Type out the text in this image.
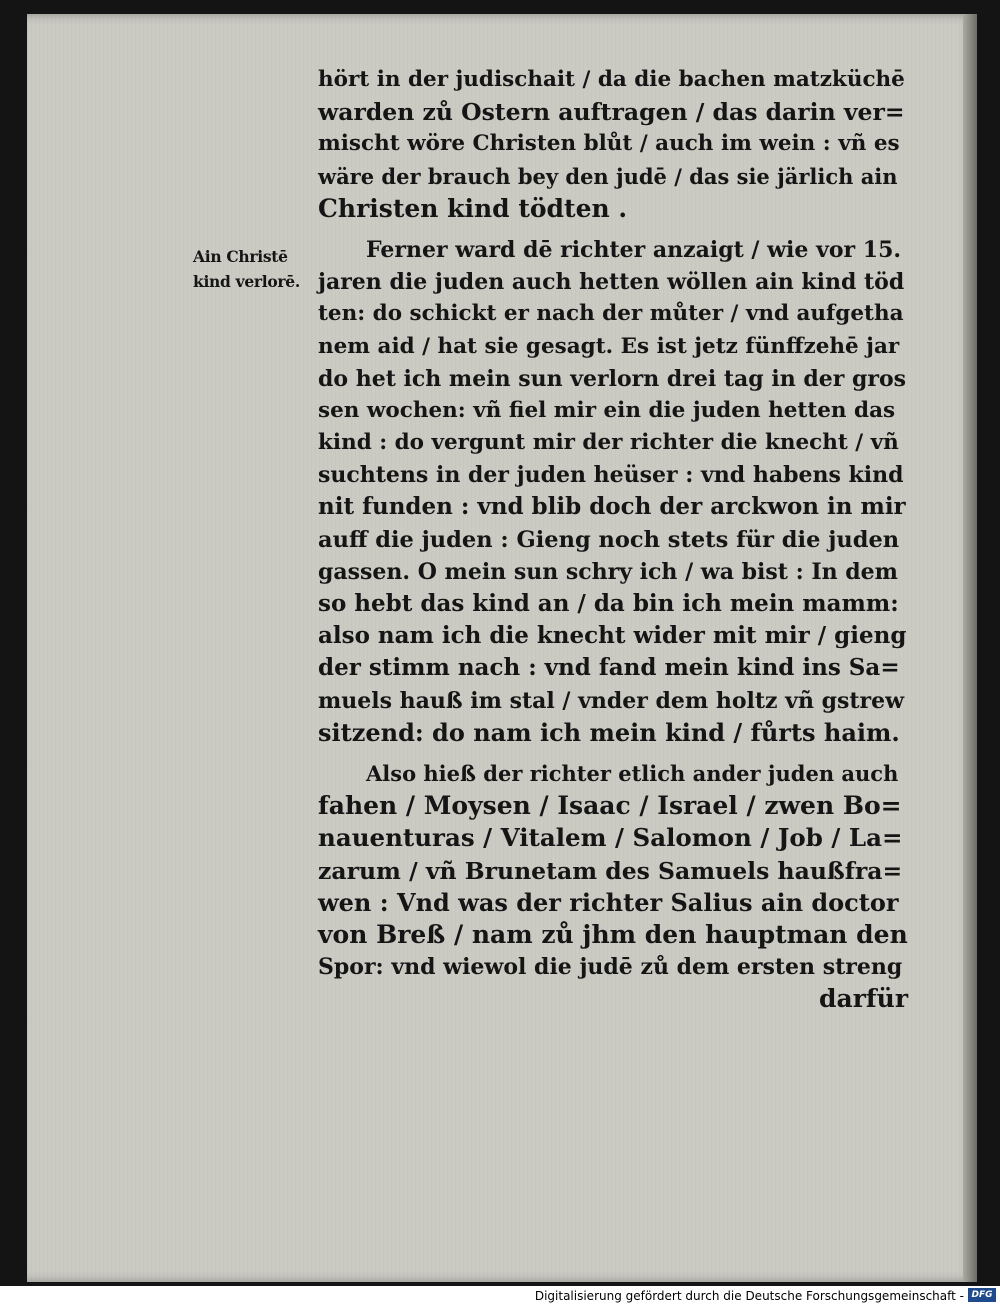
Ain Christē
kind verlorē.
hört in der judischait / da die bachen matzküchē
warden zů Ostern auftragen / das darin ver=
mischt wöre Christen blůt / auch im wein : vñ es
wäre der brauch bey den judē / das sie järlich ain
Christen kind tödten .
Ferner ward dē richter anzaigt / wie vor 15.
jaren die juden auch hetten wöllen ain kind töd
ten: do schickt er nach der můter / vnd aufgetha
nem aid / hat sie gesagt. Es ist jetz fünffzehē jar
do het ich mein sun verlorn drei tag in der gros
sen wochen: vñ fiel mir ein die juden hetten das
kind : do vergunt mir der richter die knecht / vñ
suchtens in der juden heüser : vnd habens kind
nit funden : vnd blib doch der arckwon in mir
auff die juden : Gieng noch stets für die juden
gassen. O mein sun schry ich / wa bist : In dem
so hebt das kind an / da bin ich mein mamm:
also nam ich die knecht wider mit mir / gieng
der stimm nach : vnd fand mein kind ins Sa=
muels hauß im stal / vnder dem holtz vñ gstrew
sitzend: do nam ich mein kind / fůrts haim.
Also hieß der richter etlich ander juden auch
fahen / Moysen / Isaac / Israel / zwen Bo=
nauenturas / Vitalem / Salomon / Job / La=
zarum / vñ Brunetam des Samuels haußfra=
wen : Vnd was der richter Salius ain doctor
von Breß / nam zů jhm den hauptman den
Spor: vnd wiewol die judē zů dem ersten streng
darfür
Digitalisierung gefördert durch die Deutsche Forschungsgemeinschaft - DFG
